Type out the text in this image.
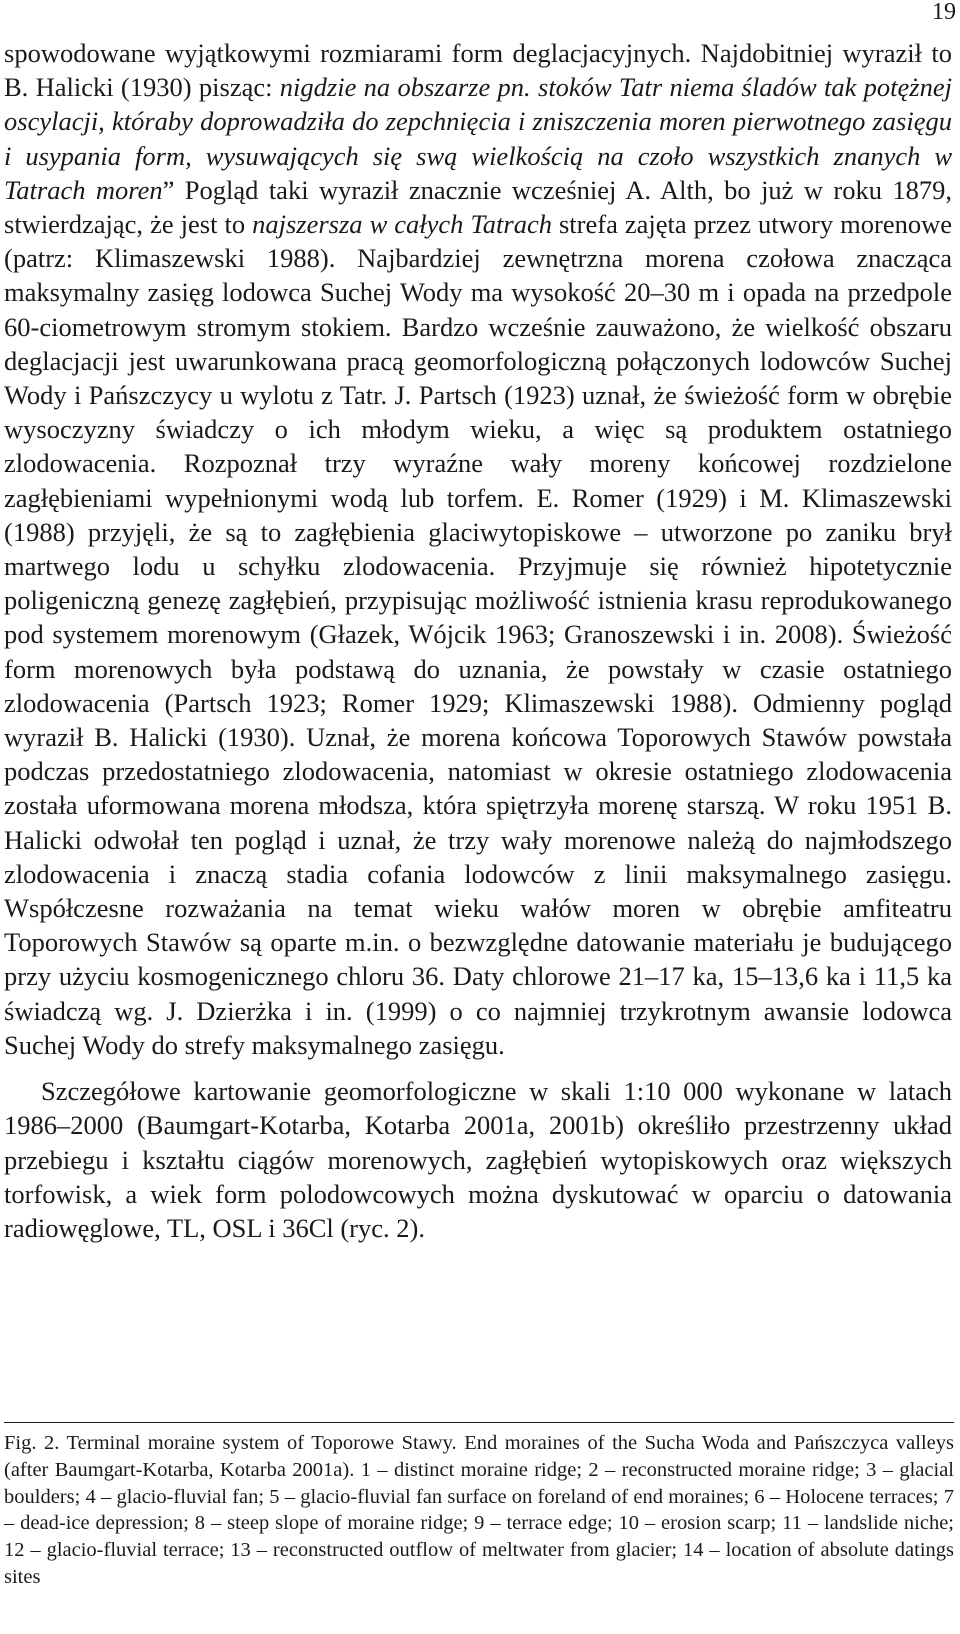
19

spowodowane wyjątkowymi rozmiarami form deglacjacyjnych. Najdobitniej wyraził to B. Halicki (1930) pisząc: nigdzie na obszarze pn. stoków Tatr niema śladów tak potężnej oscylacji, któraby doprowadziła do zepchnięcia i zniszczenia moren pierwotnego zasięgu i usypania form, wysuwających się swą wielkością na czoło wszystkich znanych w Tatrach moren” Pogląd taki wyraził znacznie wcześniej A. Alth, bo już w roku 1879, stwierdzając, że jest to najszersza w całych Tatrach strefa zajęta przez utwory morenowe (patrz: Klimaszewski 1988). Najbardziej zewnętrzna morena czołowa znacząca maksymalny zasięg lodowca Suchej Wody ma wysokość 20–30 m i opada na przedpole 60-ciometrowym stromym stokiem. Bardzo wcześnie zauważono, że wielkość obszaru deglacjacji jest uwarunkowana pracą geomorfologiczną połączonych lodowców Suchej Wody i Pańszczycy u wylotu z Tatr. J. Partsch (1923) uznał, że świeżość form w obrębie wysoczyzny świadczy o ich młodym wieku, a więc są produktem ostatniego zlodowacenia. Rozpoznał trzy wyraźne wały moreny końcowej rozdzielone zagłębieniami wypełnionymi wodą lub torfem. E. Romer (1929) i M. Klimaszewski (1988) przyjęli, że są to zagłębienia glaciwytopiskowe – utworzone po zaniku brył martwego lodu u schyłku zlodowacenia. Przyjmuje się również hipotetycznie poligeniczną genezę zagłębień, przypisując możliwość istnienia krasu reprodukowanego pod systemem morenowym (Głazek, Wójcik 1963; Granoszewski i in. 2008). Świeżość form morenowych była podstawą do uznania, że powstały w czasie ostatniego zlodowacenia (Partsch 1923; Romer 1929; Klimaszewski 1988). Odmienny pogląd wyraził B. Halicki (1930). Uznał, że morena końcowa Toporowych Stawów powstała podczas przedostatniego zlodowacenia, natomiast w okresie ostatniego zlodowacenia została uformowana morena młodsza, która spiętrzyła morenę starszą. W roku 1951 B. Halicki odwołał ten pogląd i uznał, że trzy wały morenowe należą do najmłodszego zlodowacenia i znaczą stadia cofania lodowców z linii maksymalnego zasięgu. Współczesne rozważania na temat wieku wałów moren w obrębie amfiteatru Toporowych Stawów są oparte m.in. o bezwzględne datowanie materiału je budującego przy użyciu kosmogenicznego chloru 36. Daty chlorowe 21–17 ka, 15–13,6 ka i 11,5 ka świadczą wg. J. Dzierżka i in. (1999) o co najmniej trzykrotnym awansie lodowca Suchej Wody do strefy maksymalnego zasięgu.

Szczegółowe kartowanie geomorfologiczne w skali 1:10 000 wykonane w latach 1986–2000 (Baumgart-Kotarba, Kotarba 2001a, 2001b) określiło przestrzenny układ przebiegu i kształtu ciągów morenowych, zagłębień wytopiskowych oraz większych torfowisk, a wiek form polodowcowych można dyskutować w oparciu o datowania radiowęglowe, TL, OSL i 36Cl (ryc. 2).

Fig. 2. Terminal moraine system of Toporowe Stawy. End moraines of the Sucha Woda and Pańszczyca valleys (after Baumgart-Kotarba, Kotarba 2001a). 1 – distinct moraine ridge; 2 – reconstructed moraine ridge; 3 – glacial boulders; 4 – glacio-fluvial fan; 5 – glacio-fluvial fan surface on foreland of end moraines; 6 – Holocene terraces; 7 – dead-ice depression; 8 – steep slope of moraine ridge; 9 – terrace edge; 10 – erosion scarp; 11 – landslide niche; 12 – glacio-fluvial terrace; 13 – reconstructed outflow of meltwater from glacier; 14 – location of absolute datings sites
